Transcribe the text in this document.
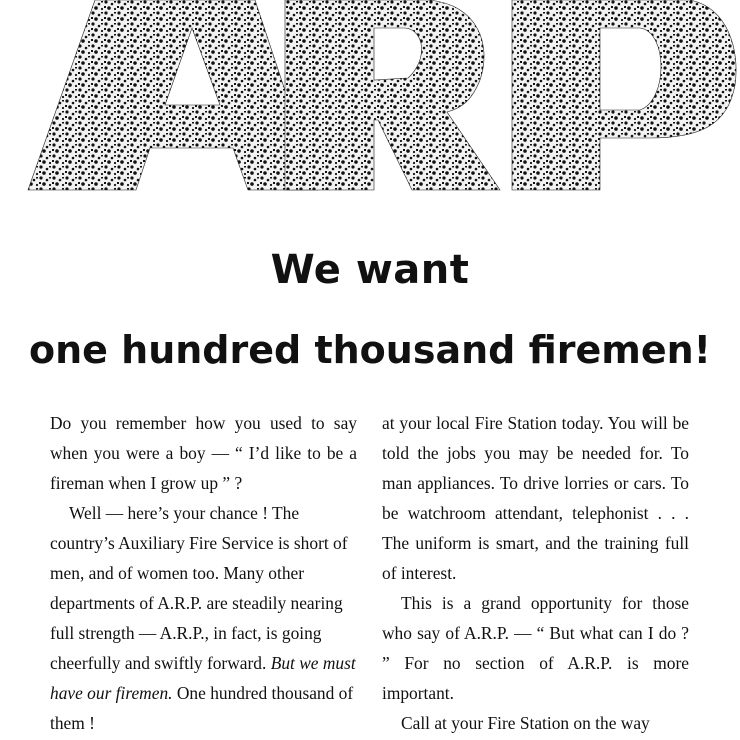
We want
one hundred thousand firemen!

Do you remember how you used to say when you were a boy — “ I’d like to be a fireman when I grow up ” ?

Well — here’s your chance ! The country’s Auxiliary Fire Service is short of men, and of women too. Many other departments of A.R.P. are steadily nearing full strength — A.R.P., in fact, is going cheerfully and swiftly forward. But we must have our firemen. One hundred thousand of them !

at your local Fire Station today. You will be told the jobs you may be needed for. To man appliances. To drive lorries or cars. To be watchroom attendant, telephonist . . . The uniform is smart, and the training full of interest.

This is a grand opportunity for those who say of A.R.P. — “ But what can I do ? ” For no section of A.R.P. is more important.

Call at your Fire Station on the way
